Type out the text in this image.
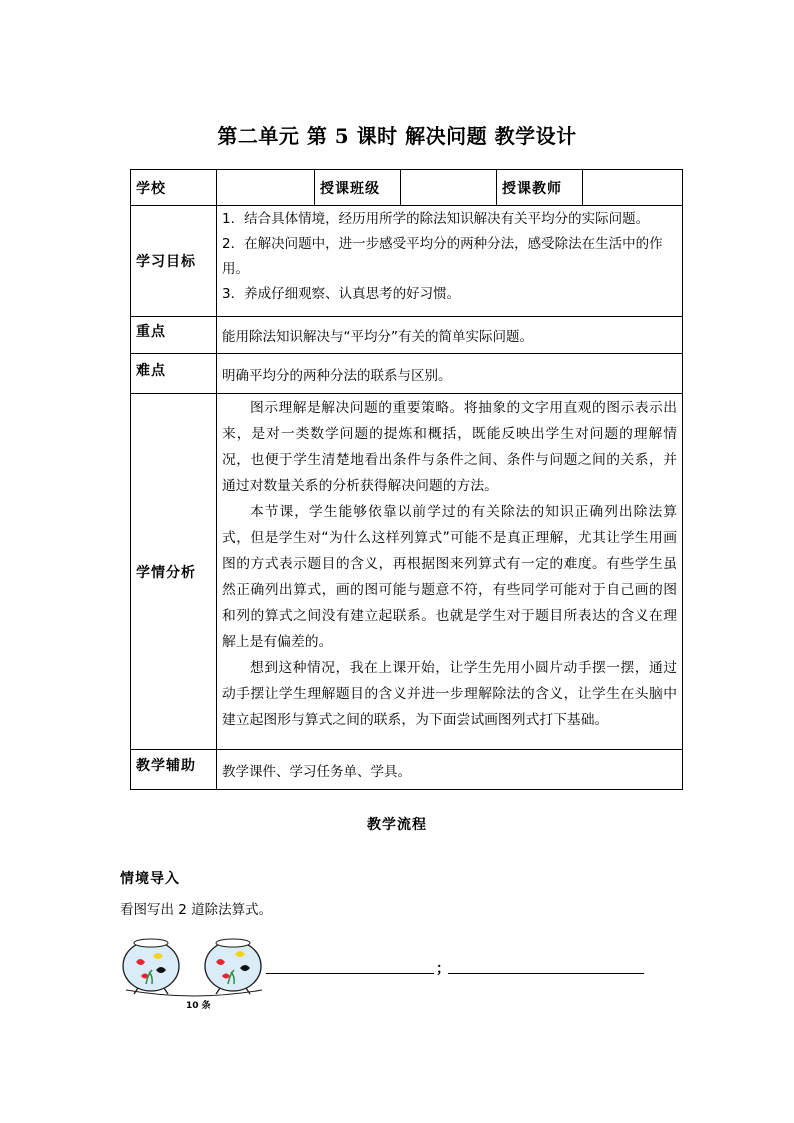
第二单元 第 5 课时 解决问题 教学设计
学校		授课班级		授课教师	
学习目标	1．结合具体情境，经历用所学的除法知识解决有关平均分的实际问题。

2．在解决问题中，进一步感受平均分的两种分法，感受除法在生活中的作用。

3．养成仔细观察、认真思考的好习惯。				

重点	能用除法知识解决与“平均分”有关的简单实际问题。				
难点	明确平均分的两种分法的联系与区别。				
学情分析	图示理解是解决问题的重要策略。将抽象的文字用直观的图示表示出来，是对一类数学问题的提炼和概括，既能反映出学生对问题的理解情况，也便于学生清楚地看出条件与条件之间、条件与问题之间的关系，并通过对数量关系的分析获得解决问题的方法。

本节课，学生能够依靠以前学过的有关除法的知识正确列出除法算式，但是学生对“为什么这样列算式”可能不是真正理解，尤其让学生用画图的方式表示题目的含义，再根据图来列算式有一定的难度。有些学生虽然正确列出算式，画的图可能与题意不符，有些同学可能对于自己画的图和列的算式之间没有建立起联系。也就是学生对于题目所表达的含义在理解上是有偏差的。

想到这种情况，我在上课开始，让学生先用小圆片动手摆一摆，通过动手摆让学生理解题目的含义并进一步理解除法的含义，让学生在头脑中建立起图形与算式之间的联系，为下面尝试画图列式打下基础。				

教学辅助	教学课件、学习任务单、学具。				
教学流程
情境导入
看图写出 2 道除法算式。
10 条
；
